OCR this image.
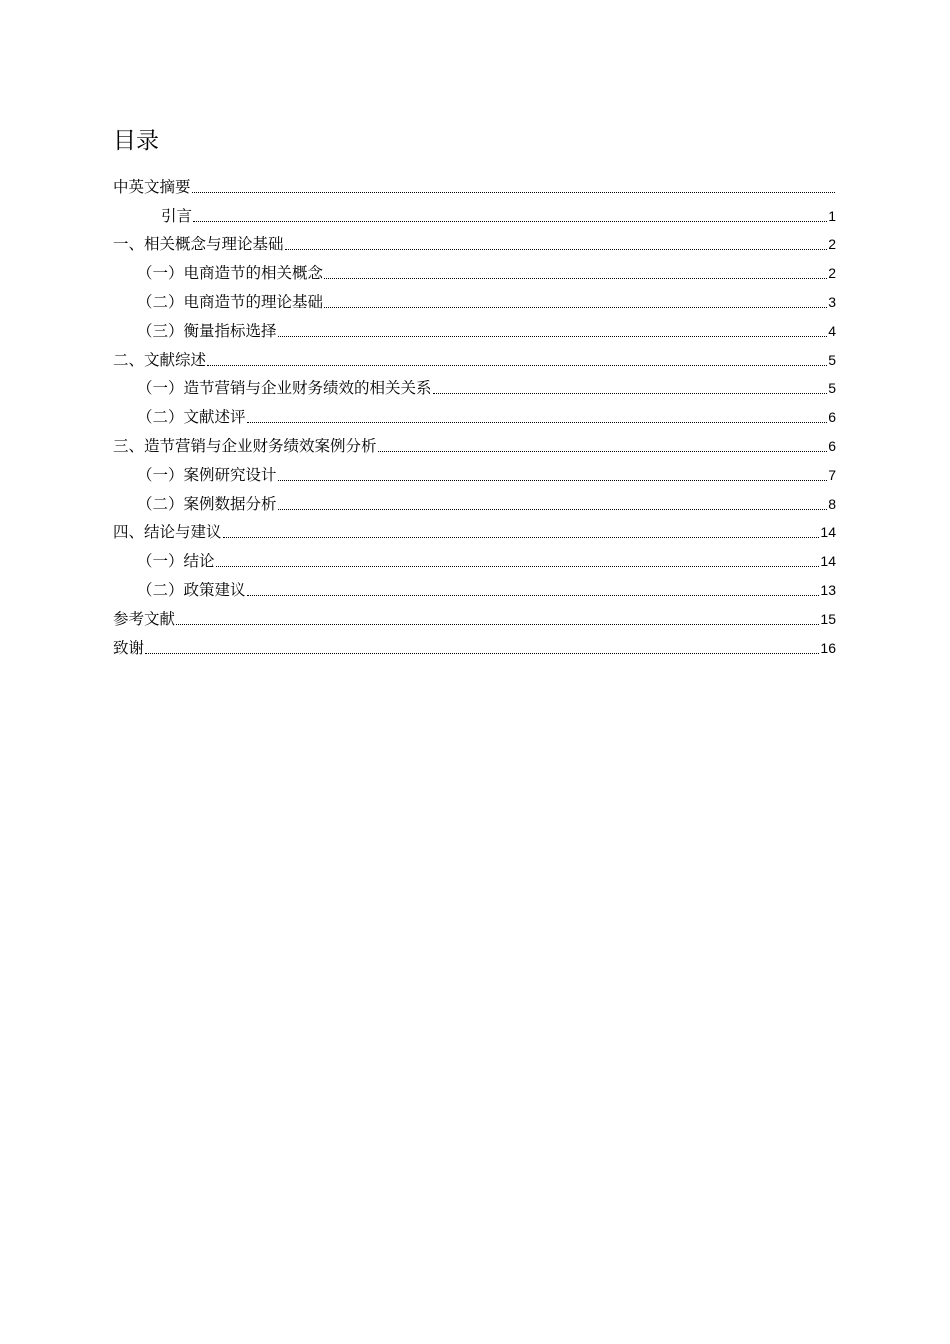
目录
中英文摘要
引言	1
一、相关概念与理论基础	2
（一）电商造节的相关概念	2
（二）电商造节的理论基础	3
（三）衡量指标选择	4
二、文献综述	5
（一）造节营销与企业财务绩效的相关关系	5
（二）文献述评	6
三、造节营销与企业财务绩效案例分析	6
（一）案例研究设计	7
（二）案例数据分析	8
四、结论与建议	14
（一）结论	14
（二）政策建议	13
参考文献	15
致谢	16
